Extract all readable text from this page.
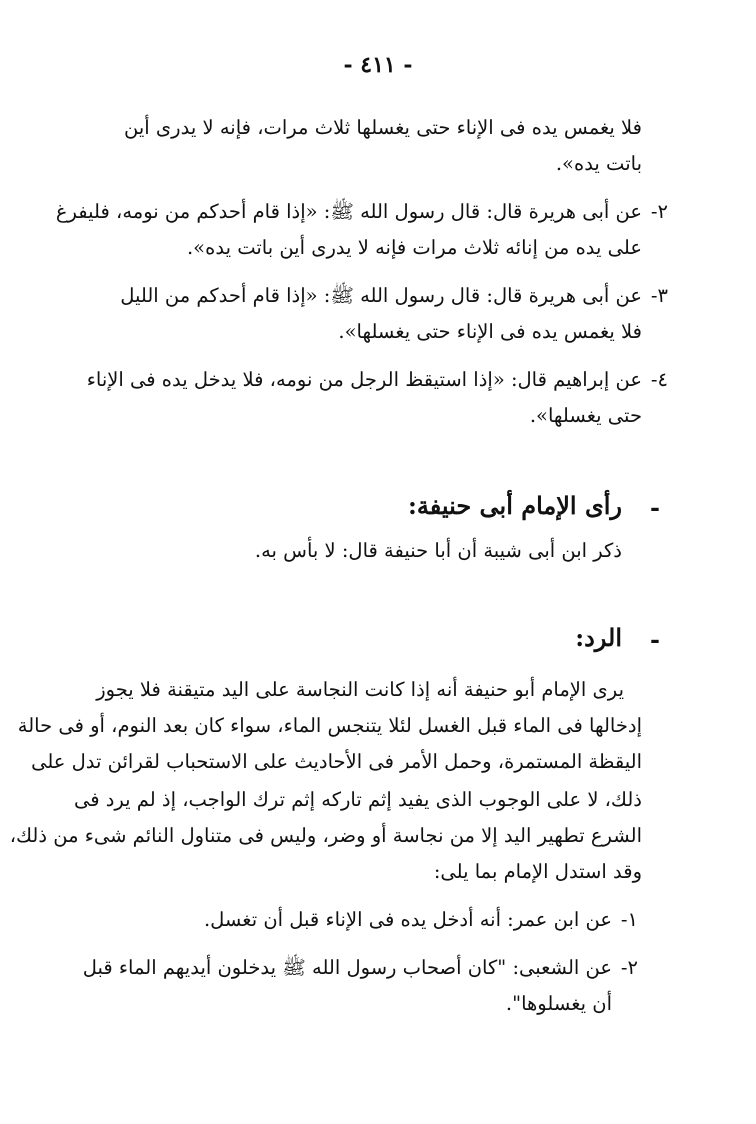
- ٤١١ -
فلا يغمس يده فى الإناء حتى يغسلها ثلاث مرات، فإنه لا يدرى أين
باتت يده».
٢-
عن أبى هريرة قال: قال رسول الله ﷺ: «إذا قام أحدكم من نومه، فليفرغ
على يده من إنائه ثلاث مرات فإنه لا يدرى أين باتت يده».
٣-
عن أبى هريرة قال: قال رسول الله ﷺ: «إذا قام أحدكم من الليل
فلا يغمس يده فى الإناء حتى يغسلها».
٤-
عن إبراهيم قال: «إذا استيقظ الرجل من نومه، فلا يدخل يده فى الإناء
حتى يغسلها».
-
رأى الإمام أبى حنيفة:
ذكر ابن أبى شيبة أن أبا حنيفة قال: لا بأس به.
-
الرد:
يرى الإمام أبو حنيفة أنه إذا كانت النجاسة على اليد متيقنة فلا يجوز
إدخالها فى الماء قبل الغسل لئلا يتنجس الماء، سواء كان بعد النوم، أو فى حالة
اليقظة المستمرة، وحمل الأمر فى الأحاديث على الاستحباب لقرائن تدل على
ذلك، لا على الوجوب الذى يفيد إثم تاركه إثم ترك الواجب، إذ لم يرد فى
الشرع تطهير اليد إلا من نجاسة أو وضر، وليس فى متناول النائم شىء من ذلك،
وقد استدل الإمام بما يلى:
١-
عن ابن عمر: أنه أدخل يده فى الإناء قبل أن تغسل.
٢-
عن الشعبى: "كان أصحاب رسول الله ﷺ يدخلون أيديهم الماء قبل
أن يغسلوها".
